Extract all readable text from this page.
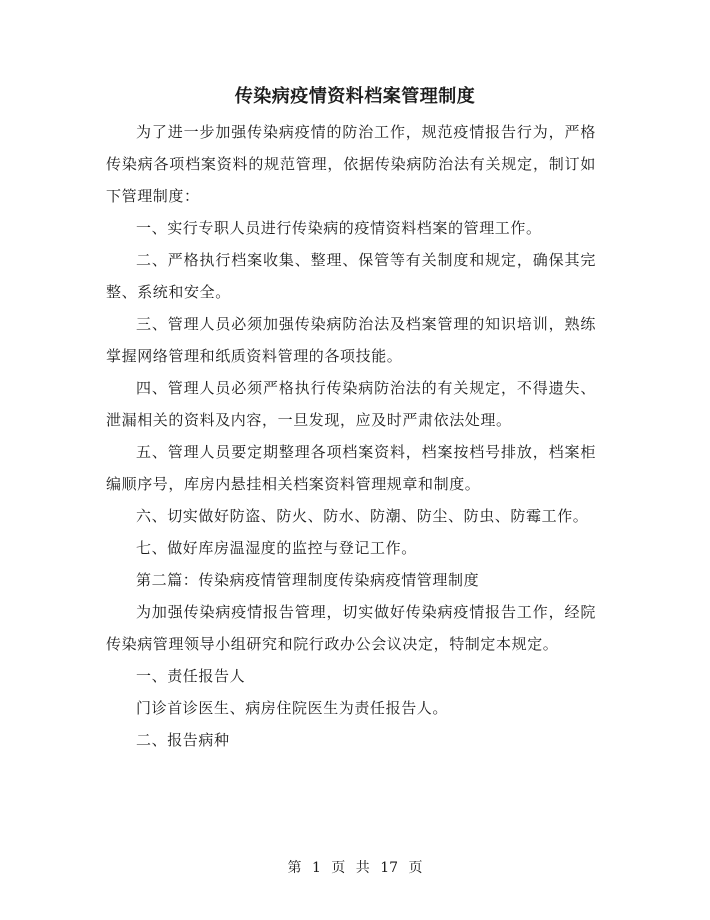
传染病疫情资料档案管理制度

为了进一步加强传染病疫情的防治工作，规范疫情报告行为，严格传染病各项档案资料的规范管理，依据传染病防治法有关规定，制订如下管理制度：

一、实行专职人员进行传染病的疫情资料档案的管理工作。

二、严格执行档案收集、整理、保管等有关制度和规定，确保其完整、系统和安全。

三、管理人员必须加强传染病防治法及档案管理的知识培训，熟练掌握网络管理和纸质资料管理的各项技能。

四、管理人员必须严格执行传染病防治法的有关规定，不得遗失、泄漏相关的资料及内容，一旦发现，应及时严肃依法处理。

五、管理人员要定期整理各项档案资料，档案按档号排放，档案柜编顺序号，库房内悬挂相关档案资料管理规章和制度。

六、切实做好防盗、防火、防水、防潮、防尘、防虫、防霉工作。

七、做好库房温湿度的监控与登记工作。

第二篇：传染病疫情管理制度传染病疫情管理制度

为加强传染病疫情报告管理，切实做好传染病疫情报告工作，经院传染病管理领导小组研究和院行政办公会议决定，特制定本规定。

一、责任报告人

门诊首诊医生、病房住院医生为责任报告人。

二、报告病种

第 1 页 共 17 页
